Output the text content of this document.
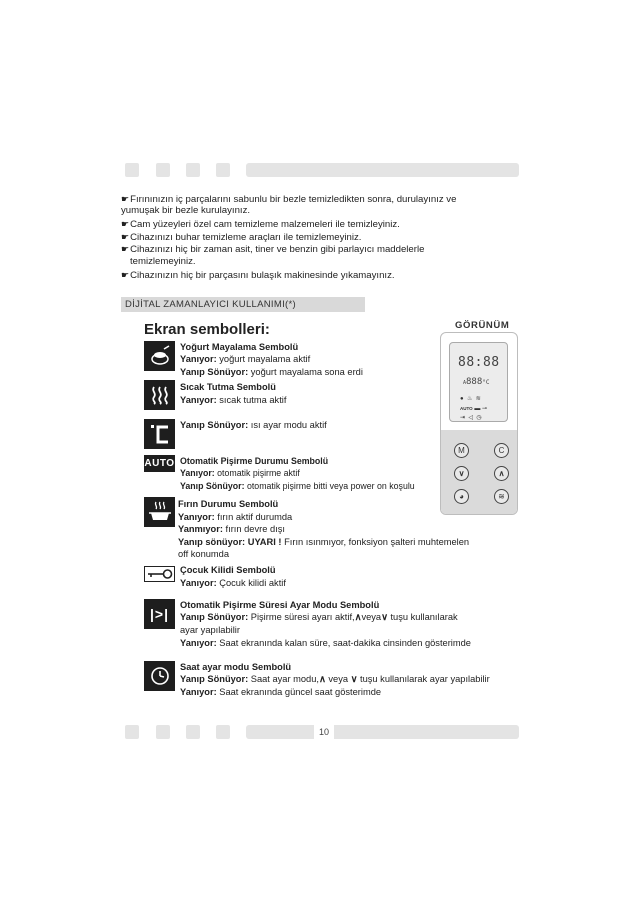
☛Fırınınızın iç parçalarını sabunlu bir bezle temizledikten sonra, durulayınız ve
yumuşak bir bezle kurulayınız.
☛Cam yüzeyleri özel cam temizleme malzemeleri ile temizleyiniz.
☛Cihazınızı buhar temizleme araçları ile temizlemeyiniz.
☛Cihazınızı hiç bir zaman asit, tiner ve benzin gibi parlayıcı maddelerle
temizlemeyiniz.
☛Cihazınızın hiç bir parçasını bulaşık makinesinde yıkamayınız.
DİJİTAL ZAMANLAYICI KULLANIMI(*)
Ekran sembolleri:	GÖRÜNÜM
Yoğurt Mayalama Sembolü
Yanıyor: yoğurt mayalama aktif
Yanıp Sönüyor: yoğurt mayalama sona erdi
Sıcak Tutma Sembolü
Yanıyor: sıcak tutma aktif
Yanıp Sönüyor: ısı ayar modu aktif
AUTO Otomatik Pişirme Durumu Sembolü
Yanıyor: otomatik pişirme aktif
Yanıp Sönüyor: otomatik pişirme bitti veya power on koşulu
Fırın Durumu Sembolü
Yanıyor: fırın aktif durumda
Yanmıyor: fırın devre dışı
Yanıp sönüyor: UYARI ! Fırın ısınmıyor, fonksiyon şalteri muhtemelen
off konumda
Çocuk Kilidi Sembolü
Yanıyor: Çocuk kilidi aktif
|>|
Otomatik Pişirme Süresi Ayar Modu Sembolü
Yanıp Sönüyor: Pişirme süresi ayarı aktif,∧veya∨ tuşu kullanılarak
ayar yapılabilir
Yanıyor: Saat ekranında kalan süre, saat-dakika cinsinden gösterimde
Saat ayar modu Sembolü
Yanıp Sönüyor: Saat ayar modu,∧ veya ∨ tuşu kullanılarak ayar yapılabilir
Yanıyor: Saat ekranında güncel saat gösterimde
88:88
A888°C
● ♨ ≋
AUTO ▬ ⊸
⇥ ◁ ◷
M	C
∨	∧
◕	≋
10
